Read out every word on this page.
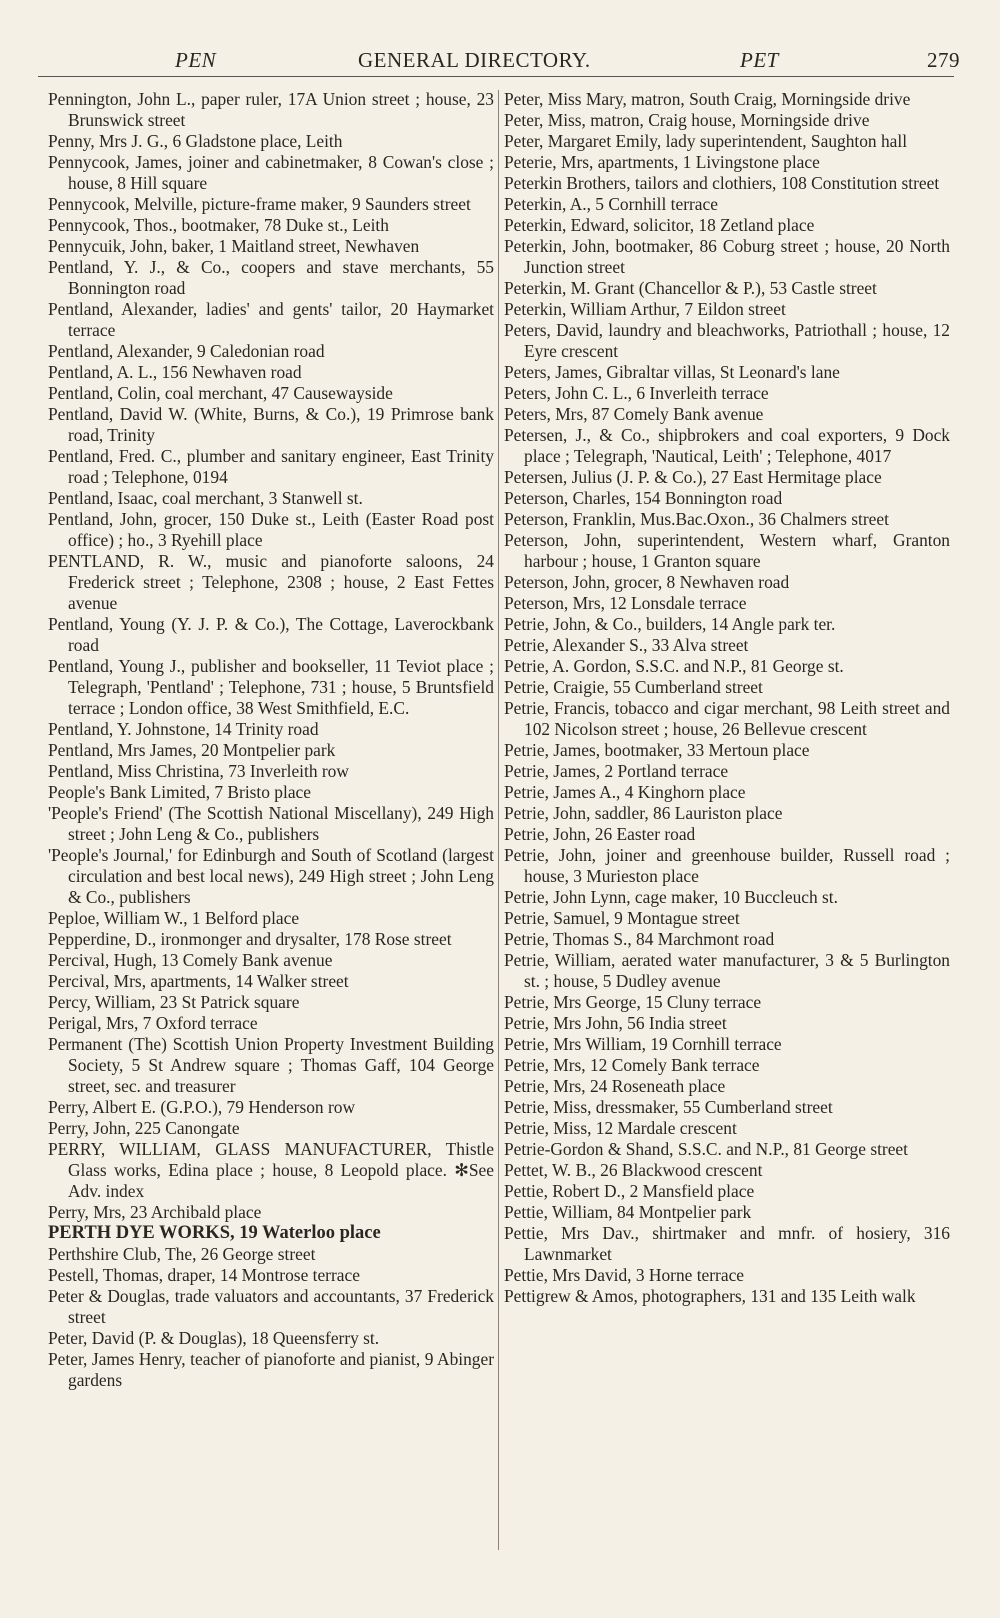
PEN	GENERAL DIRECTORY.	PET	279

Pennington, John L., paper ruler, 17A Union street ; house, 23 Brunswick street

Penny, Mrs J. G., 6 Gladstone place, Leith

Pennycook, James, joiner and cabinetmaker, 8 Cowan's close ; house, 8 Hill square

Pennycook, Melville, picture-frame maker, 9 Saunders street

Pennycook, Thos., bootmaker, 78 Duke st., Leith

Pennycuik, John, baker, 1 Maitland street, Newhaven

Pentland, Y. J., & Co., coopers and stave merchants, 55 Bonnington road

Pentland, Alexander, ladies' and gents' tailor, 20 Haymarket terrace

Pentland, Alexander, 9 Caledonian road

Pentland, A. L., 156 Newhaven road

Pentland, Colin, coal merchant, 47 Causewayside

Pentland, David W. (White, Burns, & Co.), 19 Primrose bank road, Trinity

Pentland, Fred. C., plumber and sanitary engineer, East Trinity road ; Telephone, 0194

Pentland, Isaac, coal merchant, 3 Stanwell st.

Pentland, John, grocer, 150 Duke st., Leith (Easter Road post office) ; ho., 3 Ryehill place

PENTLAND, R. W., music and pianoforte saloons, 24 Frederick street ; Telephone, 2308 ; house, 2 East Fettes avenue

Pentland, Young (Y. J. P. & Co.), The Cottage, Laverockbank road

Pentland, Young J., publisher and bookseller, 11 Teviot place ; Telegraph, 'Pentland' ; Telephone, 731 ; house, 5 Bruntsfield terrace ; London office, 38 West Smithfield, E.C.

Pentland, Y. Johnstone, 14 Trinity road

Pentland, Mrs James, 20 Montpelier park

Pentland, Miss Christina, 73 Inverleith row

People's Bank Limited, 7 Bristo place

'People's Friend' (The Scottish National Miscellany), 249 High street ; John Leng & Co., publishers

'People's Journal,' for Edinburgh and South of Scotland (largest circulation and best local news), 249 High street ; John Leng & Co., publishers

Peploe, William W., 1 Belford place

Pepperdine, D., ironmonger and drysalter, 178 Rose street

Percival, Hugh, 13 Comely Bank avenue

Percival, Mrs, apartments, 14 Walker street

Percy, William, 23 St Patrick square

Perigal, Mrs, 7 Oxford terrace

Permanent (The) Scottish Union Property Investment Building Society, 5 St Andrew square ; Thomas Gaff, 104 George street, sec. and treasurer

Perry, Albert E. (G.P.O.), 79 Henderson row

Perry, John, 225 Canongate

PERRY, WILLIAM, GLASS MANUFACTURER, Thistle Glass works, Edina place ; house, 8 Leopold place. ✻See Adv. index

Perry, Mrs, 23 Archibald place

PERTH DYE WORKS, 19 Waterloo place

Perthshire Club, The, 26 George street

Pestell, Thomas, draper, 14 Montrose terrace

Peter & Douglas, trade valuators and accountants, 37 Frederick street

Peter, David (P. & Douglas), 18 Queensferry st.

Peter, James Henry, teacher of pianoforte and pianist, 9 Abinger gardens

Peter, Miss Mary, matron, South Craig, Morningside drive

Peter, Miss, matron, Craig house, Morningside drive

Peter, Margaret Emily, lady superintendent, Saughton hall

Peterie, Mrs, apartments, 1 Livingstone place

Peterkin Brothers, tailors and clothiers, 108 Constitution street

Peterkin, A., 5 Cornhill terrace

Peterkin, Edward, solicitor, 18 Zetland place

Peterkin, John, bootmaker, 86 Coburg street ; house, 20 North Junction street

Peterkin, M. Grant (Chancellor & P.), 53 Castle street

Peterkin, William Arthur, 7 Eildon street

Peters, David, laundry and bleachworks, Patriothall ; house, 12 Eyre crescent

Peters, James, Gibraltar villas, St Leonard's lane

Peters, John C. L., 6 Inverleith terrace

Peters, Mrs, 87 Comely Bank avenue

Petersen, J., & Co., shipbrokers and coal exporters, 9 Dock place ; Telegraph, 'Nautical, Leith' ; Telephone, 4017

Petersen, Julius (J. P. & Co.), 27 East Hermitage place

Peterson, Charles, 154 Bonnington road

Peterson, Franklin, Mus.Bac.Oxon., 36 Chalmers street

Peterson, John, superintendent, Western wharf, Granton harbour ; house, 1 Granton square

Peterson, John, grocer, 8 Newhaven road

Peterson, Mrs, 12 Lonsdale terrace

Petrie, John, & Co., builders, 14 Angle park ter.

Petrie, Alexander S., 33 Alva street

Petrie, A. Gordon, S.S.C. and N.P., 81 George st.

Petrie, Craigie, 55 Cumberland street

Petrie, Francis, tobacco and cigar merchant, 98 Leith street and 102 Nicolson street ; house, 26 Bellevue crescent

Petrie, James, bootmaker, 33 Mertoun place

Petrie, James, 2 Portland terrace

Petrie, James A., 4 Kinghorn place

Petrie, John, saddler, 86 Lauriston place

Petrie, John, 26 Easter road

Petrie, John, joiner and greenhouse builder, Russell road ; house, 3 Murieston place

Petrie, John Lynn, cage maker, 10 Buccleuch st.

Petrie, Samuel, 9 Montague street

Petrie, Thomas S., 84 Marchmont road

Petrie, William, aerated water manufacturer, 3 & 5 Burlington st. ; house, 5 Dudley avenue

Petrie, Mrs George, 15 Cluny terrace

Petrie, Mrs John, 56 India street

Petrie, Mrs William, 19 Cornhill terrace

Petrie, Mrs, 12 Comely Bank terrace

Petrie, Mrs, 24 Roseneath place

Petrie, Miss, dressmaker, 55 Cumberland street

Petrie, Miss, 12 Mardale crescent

Petrie-Gordon & Shand, S.S.C. and N.P., 81 George street

Pettet, W. B., 26 Blackwood crescent

Pettie, Robert D., 2 Mansfield place

Pettie, William, 84 Montpelier park

Pettie, Mrs Dav., shirtmaker and mnfr. of hosiery, 316 Lawnmarket

Pettie, Mrs David, 3 Horne terrace

Pettigrew & Amos, photographers, 131 and 135 Leith walk
